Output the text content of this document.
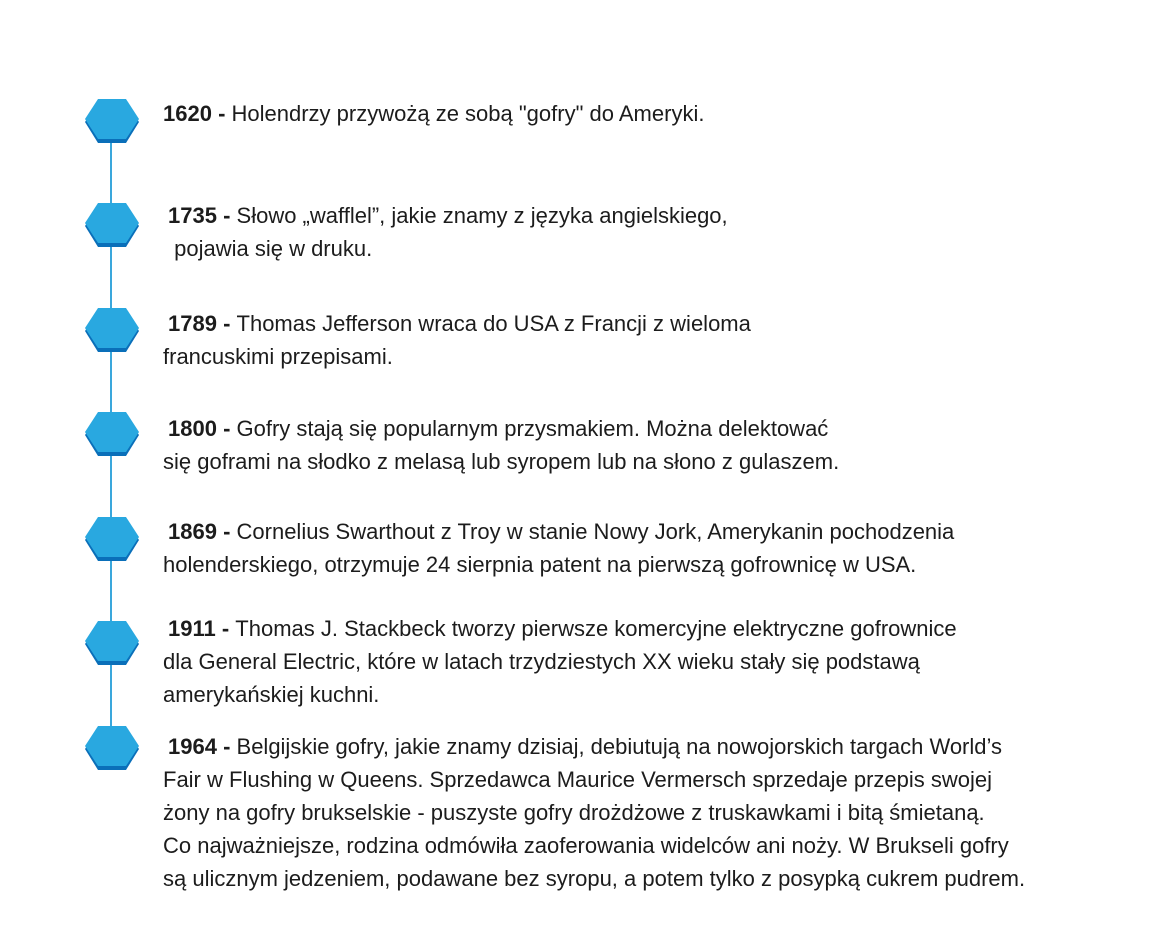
1620 - Holendrzy przywożą ze sobą "gofry" do Ameryki.
1735 - Słowo „wafflel”, jakie znamy z języka angielskiego,
pojawia się w druku.
1789 - Thomas Jefferson wraca do USA z Francji z wieloma
francuskimi przepisami.
1800 - Gofry stają się popularnym przysmakiem. Można delektować
się goframi na słodko z melasą lub syropem lub na słono z gulaszem.
1869 - Cornelius Swarthout z Troy w stanie Nowy Jork, Amerykanin pochodzenia
holenderskiego, otrzymuje 24 sierpnia patent na pierwszą gofrownicę w USA.
1911 - Thomas J. Stackbeck tworzy pierwsze komercyjne elektryczne gofrownice
dla General Electric, które w latach trzydziestych XX wieku stały się podstawą
amerykańskiej kuchni.
1964 - Belgijskie gofry, jakie znamy dzisiaj, debiutują na nowojorskich targach World’s
Fair w Flushing w Queens. Sprzedawca Maurice Vermersch sprzedaje przepis swojej
żony na gofry brukselskie - puszyste gofry drożdżowe z truskawkami i bitą śmietaną.
Co najważniejsze, rodzina odmówiła zaoferowania widelców ani noży. W Brukseli gofry
są ulicznym jedzeniem, podawane bez syropu, a potem tylko z posypką cukrem pudrem.
